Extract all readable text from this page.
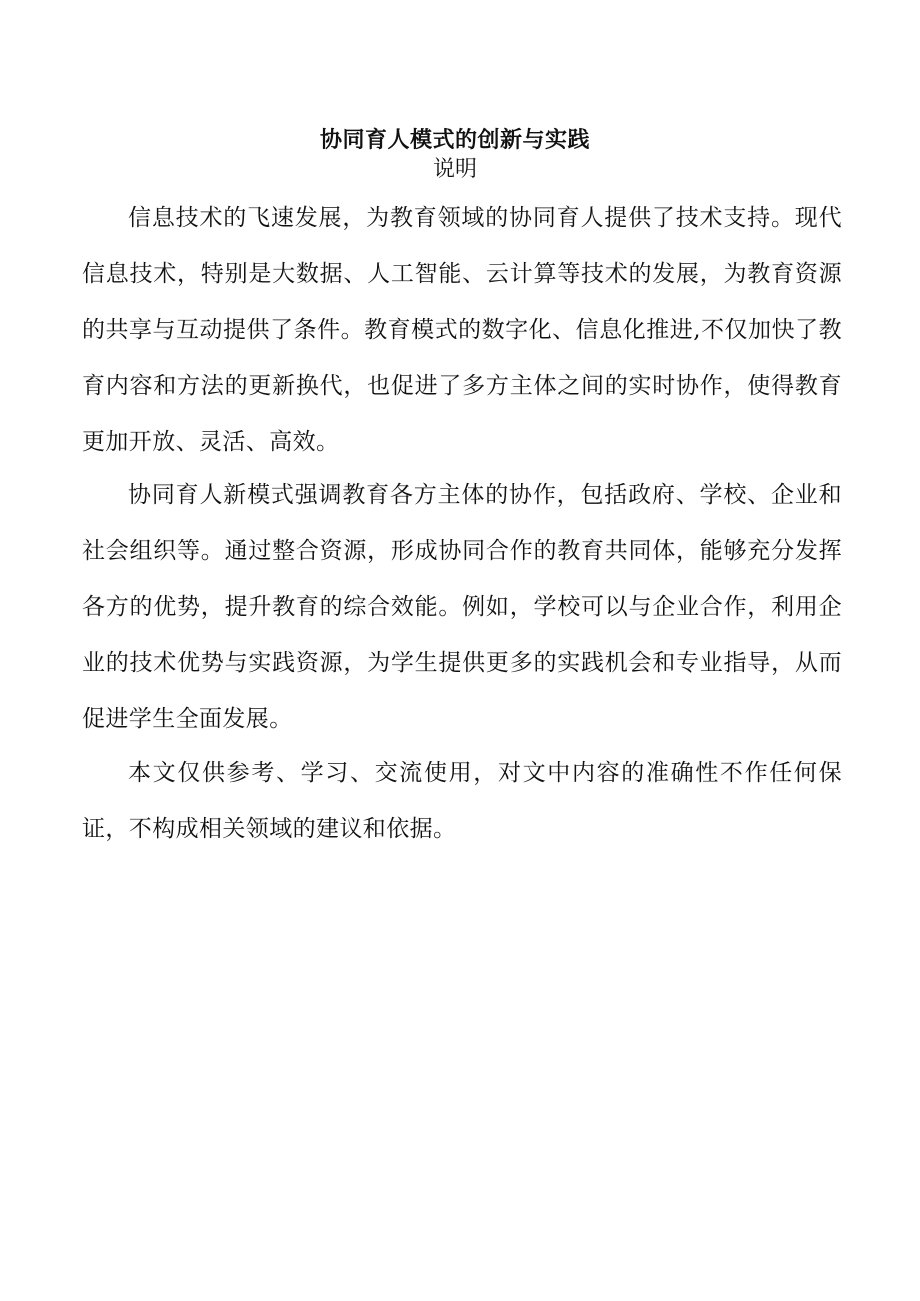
协同育人模式的创新与实践
说明

信息技术的飞速发展，为教育领域的协同育人提供了技术支持。现代信息技术，特别是大数据、人工智能、云计算等技术的发展，为教育资源的共享与互动提供了条件。教育模式的数字化、信息化推进,不仅加快了教育内容和方法的更新换代，也促进了多方主体之间的实时协作，使得教育更加开放、灵活、高效。

协同育人新模式强调教育各方主体的协作，包括政府、学校、企业和社会组织等。通过整合资源，形成协同合作的教育共同体，能够充分发挥各方的优势，提升教育的综合效能。例如，学校可以与企业合作，利用企业的技术优势与实践资源，为学生提供更多的实践机会和专业指导，从而促进学生全面发展。

本文仅供参考、学习、交流使用，对文中内容的准确性不作任何保证，不构成相关领域的建议和依据。
